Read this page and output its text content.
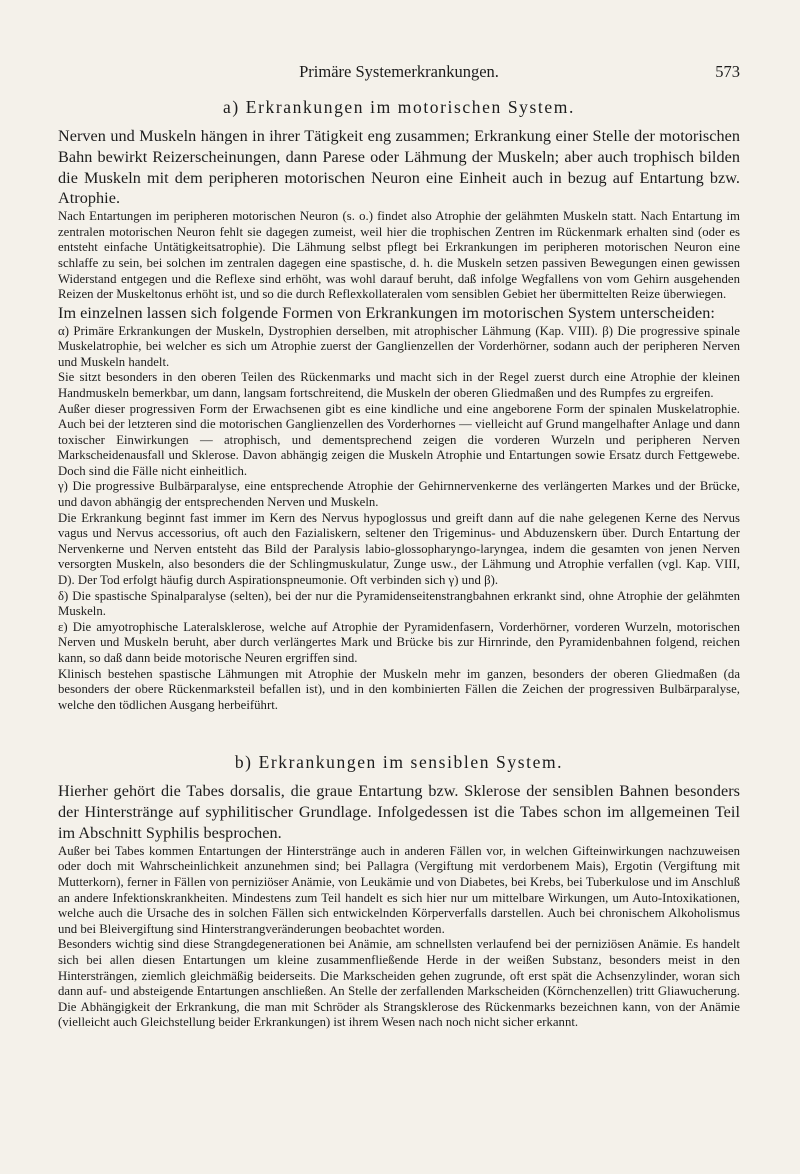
Primäre Systemerkrankungen.	573
a) Erkrankungen im motorischen System.

Nerven und Muskeln hängen in ihrer Tätigkeit eng zusammen; Erkrankung einer Stelle der motorischen Bahn bewirkt Reizerscheinungen, dann Parese oder Lähmung der Muskeln; aber auch trophisch bilden die Muskeln mit dem peripheren motorischen Neuron eine Einheit auch in bezug auf Entartung bzw. Atrophie.

Nach Entartungen im peripheren motorischen Neuron (s. o.) findet also Atrophie der gelähmten Muskeln statt. Nach Entartung im zentralen motorischen Neuron fehlt sie dagegen zumeist, weil hier die trophischen Zentren im Rückenmark erhalten sind (oder es entsteht einfache Untätigkeitsatrophie). Die Lähmung selbst pflegt bei Erkrankungen im peripheren motorischen Neuron eine schlaffe zu sein, bei solchen im zentralen dagegen eine spastische, d. h. die Muskeln setzen passiven Bewegungen einen gewissen Widerstand entgegen und die Reflexe sind erhöht, was wohl darauf beruht, daß infolge Wegfallens von vom Gehirn ausgehenden Reizen der Muskeltonus erhöht ist, und so die durch Reflexkollateralen vom sensiblen Gebiet her übermittelten Reize überwiegen.

Im einzelnen lassen sich folgende Formen von Erkrankungen im motorischen System unterscheiden:

α) Primäre Erkrankungen der Muskeln, Dystrophien derselben, mit atrophischer Lähmung (Kap. VIII). β) Die progressive spinale Muskelatrophie, bei welcher es sich um Atrophie zuerst der Ganglienzellen der Vorderhörner, sodann auch der peripheren Nerven und Muskeln handelt.

Sie sitzt besonders in den oberen Teilen des Rückenmarks und macht sich in der Regel zuerst durch eine Atrophie der kleinen Handmuskeln bemerkbar, um dann, langsam fortschreitend, die Muskeln der oberen Gliedmaßen und des Rumpfes zu ergreifen.

Außer dieser progressiven Form der Erwachsenen gibt es eine kindliche und eine angeborene Form der spinalen Muskelatrophie. Auch bei der letzteren sind die motorischen Ganglienzellen des Vorderhornes — vielleicht auf Grund mangelhafter Anlage und dann toxischer Einwirkungen — atrophisch, und dementsprechend zeigen die vorderen Wurzeln und peripheren Nerven Markscheidenausfall und Sklerose. Davon abhängig zeigen die Muskeln Atrophie und Entartungen sowie Ersatz durch Fettgewebe. Doch sind die Fälle nicht einheitlich.

γ) Die progressive Bulbärparalyse, eine entsprechende Atrophie der Gehirnnervenkerne des verlängerten Markes und der Brücke, und davon abhängig der entsprechenden Nerven und Muskeln.

Die Erkrankung beginnt fast immer im Kern des Nervus hypoglossus und greift dann auf die nahe gelegenen Kerne des Nervus vagus und Nervus accessorius, oft auch den Fazialiskern, seltener den Trigeminus- und Abduzenskern über. Durch Entartung der Nervenkerne und Nerven entsteht das Bild der Paralysis labio-glossopharyngo-laryngea, indem die gesamten von jenen Nerven versorgten Muskeln, also besonders die der Schlingmuskulatur, Zunge usw., der Lähmung und Atrophie verfallen (vgl. Kap. VIII, D). Der Tod erfolgt häufig durch Aspirationspneumonie. Oft verbinden sich γ) und β).

δ) Die spastische Spinalparalyse (selten), bei der nur die Pyramidenseitenstrangbahnen erkrankt sind, ohne Atrophie der gelähmten Muskeln.

ε) Die amyotrophische Lateralsklerose, welche auf Atrophie der Pyramidenfasern, Vorderhörner, vorderen Wurzeln, motorischen Nerven und Muskeln beruht, aber durch verlängertes Mark und Brücke bis zur Hirnrinde, den Pyramidenbahnen folgend, reichen kann, so daß dann beide motorische Neuren ergriffen sind.

Klinisch bestehen spastische Lähmungen mit Atrophie der Muskeln mehr im ganzen, besonders der oberen Gliedmaßen (da besonders der obere Rückenmarksteil befallen ist), und in den kombinierten Fällen die Zeichen der progressiven Bulbärparalyse, welche den tödlichen Ausgang herbeiführt.

b) Erkrankungen im sensiblen System.

Hierher gehört die Tabes dorsalis, die graue Entartung bzw. Sklerose der sensiblen Bahnen besonders der Hinterstränge auf syphilitischer Grundlage. Infolgedessen ist die Tabes schon im allgemeinen Teil im Abschnitt Syphilis besprochen.

Außer bei Tabes kommen Entartungen der Hinterstränge auch in anderen Fällen vor, in welchen Gifteinwirkungen nachzuweisen oder doch mit Wahrscheinlichkeit anzunehmen sind; bei Pallagra (Vergiftung mit verdorbenem Mais), Ergotin (Vergiftung mit Mutterkorn), ferner in Fällen von perniziöser Anämie, von Leukämie und von Diabetes, bei Krebs, bei Tuberkulose und im Anschluß an andere Infektionskrankheiten. Mindestens zum Teil handelt es sich hier nur um mittelbare Wirkungen, um Auto-Intoxikationen, welche auch die Ursache des in solchen Fällen sich entwickelnden Körperverfalls darstellen. Auch bei chronischem Alkoholismus und bei Bleivergiftung sind Hinterstrangveränderungen beobachtet worden.

Besonders wichtig sind diese Strangdegenerationen bei Anämie, am schnellsten verlaufend bei der perniziösen Anämie. Es handelt sich bei allen diesen Entartungen um kleine zusammenfließende Herde in der weißen Substanz, besonders meist in den Hintersträngen, ziemlich gleichmäßig beiderseits. Die Markscheiden gehen zugrunde, oft erst spät die Achsenzylinder, woran sich dann auf- und absteigende Entartungen anschließen. An Stelle der zerfallenden Markscheiden (Körnchenzellen) tritt Gliawucherung. Die Abhängigkeit der Erkrankung, die man mit Schröder als Strangsklerose des Rückenmarks bezeichnen kann, von der Anämie (vielleicht auch Gleichstellung beider Erkrankungen) ist ihrem Wesen nach noch nicht sicher erkannt.
